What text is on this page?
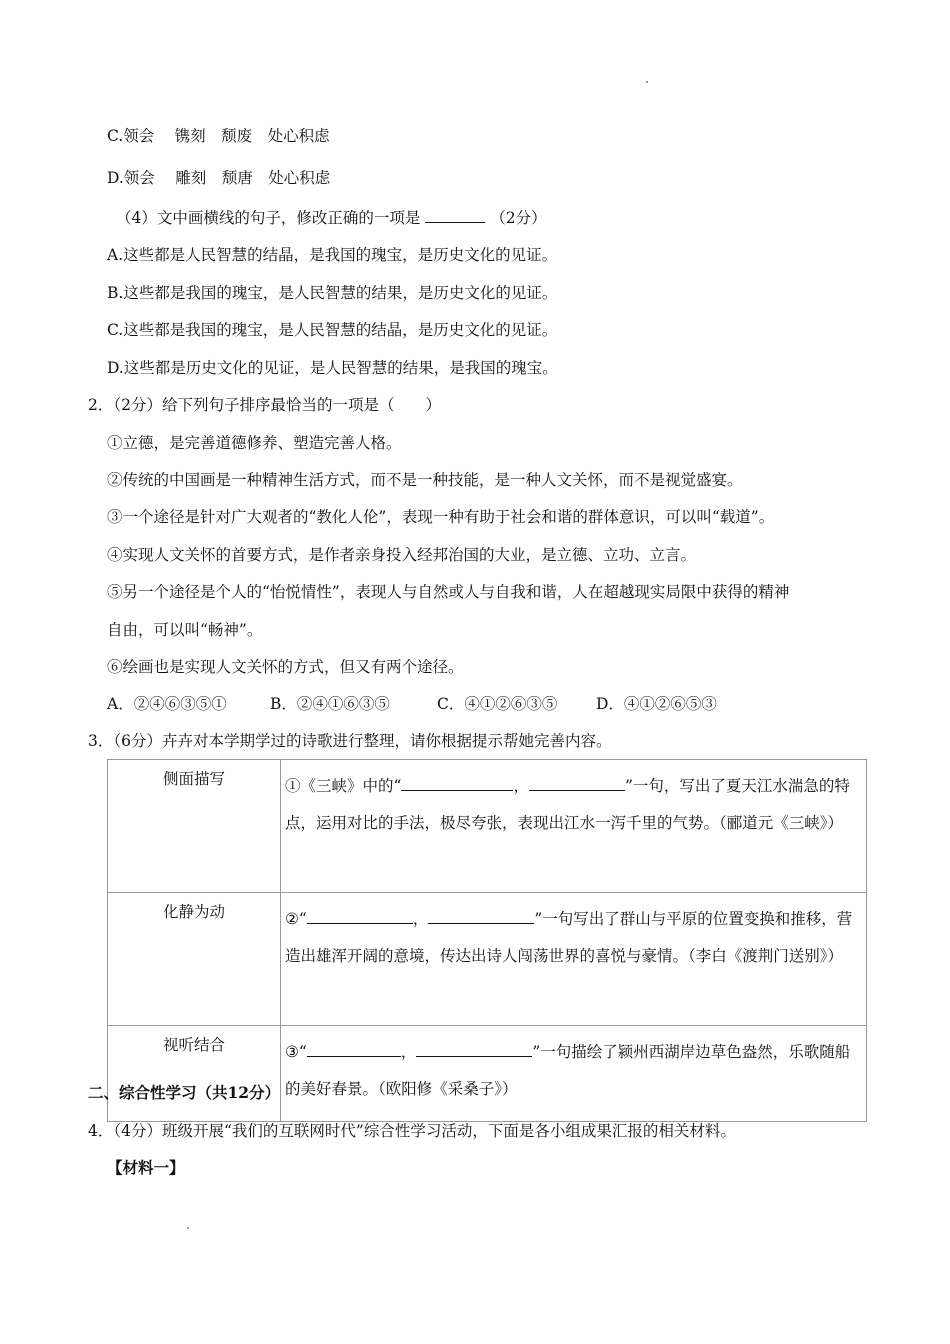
C.领会　 镌刻　颓废　处心积虑
D.领会　 雕刻　颓唐　处心积虑
（4）文中画横线的句子，修改正确的一项是	（2分）
A.这些都是人民智慧的结晶，是我国的瑰宝，是历史文化的见证。
B.这些都是我国的瑰宝，是人民智慧的结果，是历史文化的见证。
C.这些都是我国的瑰宝，是人民智慧的结晶，是历史文化的见证。
D.这些都是历史文化的见证，是人民智慧的结果，是我国的瑰宝。
2．（2分）给下列句子排序最恰当的一项是（　　）
①立德，是完善道德修养、塑造完善人格。
②传统的中国画是一种精神生活方式，而不是一种技能，是一种人文关怀，而不是视觉盛宴。
③一个途径是针对广大观者的“教化人伦”，表现一种有助于社会和谐的群体意识，可以叫“载道”。
④实现人文关怀的首要方式，是作者亲身投入经邦治国的大业，是立德、立功、立言。
⑤另一个途径是个人的“怡悦情性”，表现人与自然或人与自我和谐，人在超越现实局限中获得的精神
自由，可以叫“畅神”。
⑥绘画也是实现人文关怀的方式，但又有两个途径。
A．②④⑥③⑤①	B．②④①⑥③⑤	C．④①②⑥③⑤ D．④①②⑥⑤③
3．（6分）卉卉对本学期学过的诗歌进行整理，请你根据提示帮她完善内容。
侧面描写	①《三峡》中的“ ， ”一句，写出了夏天江水湍急的特点，运用对比的手法，极尽夸张，表现出江水一泻千里的气势。（郦道元《三峡》）
化静为动	②“ ， ”一句写出了群山与平原的位置变换和推移，营造出雄浑开阔的意境，传达出诗人闯荡世界的喜悦与豪情。（李白《渡荆门送别》）
视听结合	③“ ， ”一句描绘了颍州西湖岸边草色盎然，乐歌随船的美好春景。（欧阳修《采桑子》）
二、综合性学习（共12分）
4．（4分）班级开展“我们的互联网时代”综合性学习活动，下面是各小组成果汇报的相关材料。
【材料一】
